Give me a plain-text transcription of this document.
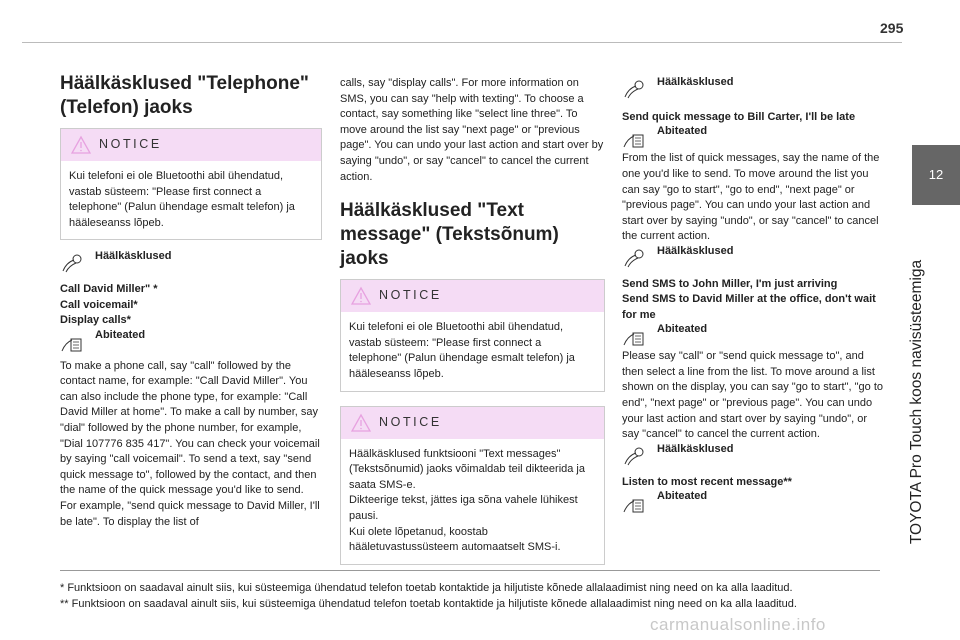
295
12
TOYOTA Pro Touch koos navisüsteemiga
Häälkäsklused "Telephone" (Telefon) jaoks
NOTICE
Kui telefoni ei ole Bluetoothi abil ühendatud, vastab süsteem: "Please first connect a telephone" (Palun ühendage esmalt telefon) ja hääleseanss lõpeb.
Häälkäsklused
Call David Miller" *
Call voicemail*
Display calls*
Abiteated

To make a phone call, say "call" followed by the contact name, for example: "Call David Miller". You can also include the phone type, for example: "Call David Miller at home". To make a call by number, say "dial" followed by the phone number, for example, "Dial 107776 835 417". You can check your voicemail by saying "call voicemail". To send a text, say "send quick message to", followed by the contact, and then the name of the quick message you'd like to send. For example, "send quick message to David Miller, I'll be late". To display the list of

calls, say "display calls". For more information on SMS, you can say "help with texting". To choose a contact, say something like "select line three". To move around the list say "next page" or "previous page". You can undo your last action and start over by saying "undo", or say "cancel" to cancel the current action.

Häälkäsklused "Text message" (Tekstsõnum) jaoks
NOTICE
Kui telefoni ei ole Bluetoothi abil ühendatud, vastab süsteem: "Please first connect a telephone" (Palun ühendage esmalt telefon) ja hääleseanss lõpeb.
NOTICE
Häälkäsklused funktsiooni "Text messages" (Tekstsõnumid) jaoks võimaldab teil dikteerida ja saata SMS-e.
Dikteerige tekst, jättes iga sõna vahele lühikest pausi.
Kui olete lõpetanud, koostab hääletuvastussüsteem automaatselt SMS-i.
Häälkäsklused
Send quick message to Bill Carter, I'll be late
Abiteated

From the list of quick messages, say the name of the one you'd like to send. To move around the list you can say "go to start", "go to end", "next page" or "previous page". You can undo your last action and start over by saying "undo", or say "cancel" to cancel the current action.

Häälkäsklused
Send SMS to John Miller, I'm just arriving
Send SMS to David Miller at the office, don't wait for me
Abiteated

Please say "call" or "send quick message to", and then select a line from the list. To move around a list shown on the display, you can say "go to start", "go to end", "next page" or "previous page". You can undo your last action and start over by saying "undo", or say "cancel" to cancel the current action.

Häälkäsklused
Listen to most recent message**
Abiteated
* Funktsioon on saadaval ainult siis, kui süsteemiga ühendatud telefon toetab kontaktide ja hiljutiste kõnede allalaadimist ning need on ka alla laaditud.
** Funktsioon on saadaval ainult siis, kui süsteemiga ühendatud telefon toetab kontaktide ja hiljutiste kõnede allalaadimist ning need on ka alla laaditud.
carmanualsonline.info
